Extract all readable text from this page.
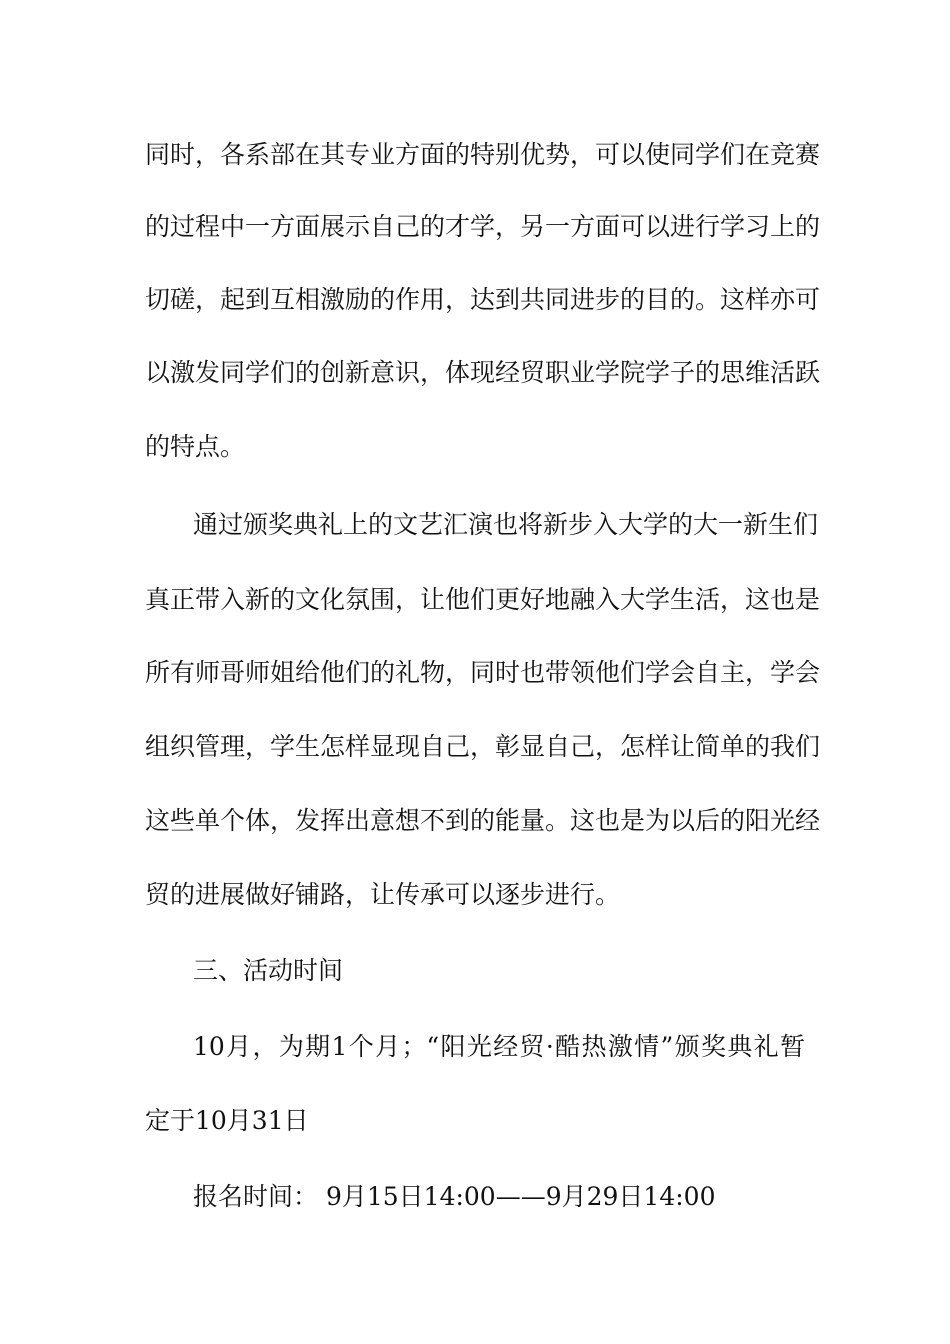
同时，各系部在其专业方面的特别优势，可以使同学们在竞赛
的过程中一方面展示自己的才学，另一方面可以进行学习上的
切磋，起到互相激励的作用，达到共同进步的目的。这样亦可
以激发同学们的创新意识，体现经贸职业学院学子的思维活跃
的特点。
通过颁奖典礼上的文艺汇演也将新步入大学的大一新生们
真正带入新的文化氛围，让他们更好地融入大学生活，这也是
所有师哥师姐给他们的礼物，同时也带领他们学会自主，学会
组织管理，学生怎样显现自己，彰显自己，怎样让简单的我们
这些单个体，发挥出意想不到的能量。这也是为以后的阳光经
贸的进展做好铺路，让传承可以逐步进行。
三、活动时间
10月，为期1个月；“阳光经贸·酷热激情”颁奖典礼暂
定于10月31日
报名时间： 9月15日14:00——9月29日14:00
